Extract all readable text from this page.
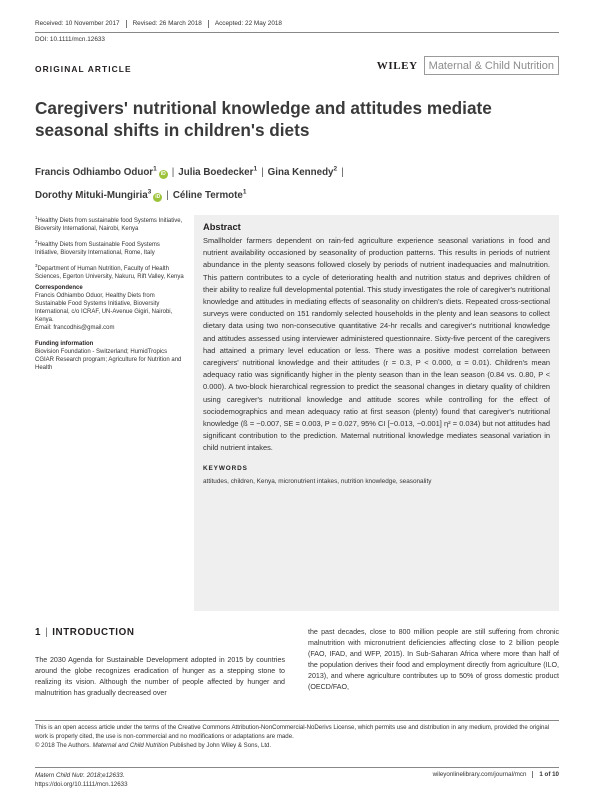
Received: 10 November 2017	Revised: 26 March 2018	Accepted: 22 May 2018
DOI: 10.1111/mcn.12633
ORIGINAL ARTICLE	WILEY	Maternal & Child Nutrition
Caregivers' nutritional knowledge and attitudes mediate seasonal shifts in children's diets
Francis Odhiambo Oduor$^1$iD | Julia Boedecker$^1$ | Gina Kennedy$^2$ |
Dorothy Mituki-Mungiria$^3$iD | Céline Termote$^1$
$^1$Healthy Diets from sustainable food Systems Initiative, Bioversity International, Nairobi, Kenya
$^2$Healthy Diets from Sustainable Food Systems Initiative, Bioversity International, Rome, Italy
$^3$Department of Human Nutrition, Faculty of Health Sciences, Egerton University, Nakuru, Rift Valley, Kenya
Correspondence
Francis Odhiambo Oduor, Healthy Diets from Sustainable Food Systems Initiative, Bioversity International, c/o ICRAF, UN-Avenue Gigiri, Nairobi, Kenya.
Email: francodhis@gmail.com
Funding information
Biovision Foundation - Switzerland; HumidTropics CGIAR Research program; Agriculture for Nutrition and Health
Abstract
Smallholder farmers dependent on rain-fed agriculture experience seasonal variations in food and nutrient availability occasioned by seasonality of production patterns. This results in periods of nutrient abundance in the plenty seasons followed closely by periods of nutrient inadequacies and malnutrition. This pattern contributes to a cycle of deteriorating health and nutrition status and deprives children of their ability to realize full developmental potential. This study investigates the role of caregiver's nutritional knowledge and attitudes in mediating effects of seasonality on children's diets. Repeated cross-sectional surveys were conducted on 151 randomly selected households in the plenty and lean seasons to collect dietary data using two non-consecutive quantitative 24-hr recalls and caregiver's nutritional knowledge and attitudes assessed using interviewer administered questionnaire. Sixty-five percent of the caregivers had attained a primary level education or less. There was a positive modest correlation between caregivers' nutritional knowledge and their attitudes (r = 0.3, P < 0.000, α = 0.01). Children's mean adequacy ratio was significantly higher in the plenty season than in the lean season (0.84 vs. 0.80, P < 0.000). A two-block hierarchical regression to predict the seasonal changes in dietary quality of children using caregiver's nutritional knowledge and attitude scores while controlling for the effect of sociodemographics and mean adequacy ratio at first season (plenty) found that caregiver's nutritional knowledge (ß = −0.007, SE = 0.003, P = 0.027, 95% CI [−0.013, −0.001] η² = 0.034) but not attitudes had significant contribution to the prediction. Maternal nutritional knowledge mediates seasonal variation in child nutrient intakes.
KEYWORDS
attitudes, children, Kenya, micronutrient intakes, nutrition knowledge, seasonality
1 | INTRODUCTION
The 2030 Agenda for Sustainable Development adopted in 2015 by countries around the globe recognizes eradication of hunger as a stepping stone to realizing its vision. Although the number of people affected by hunger and malnutrition has gradually decreased over
the past decades, close to 800 million people are still suffering from chronic malnutrition with micronutrient deficiencies affecting close to 2 billion people (FAO, IFAD, and WFP, 2015). In Sub-Saharan Africa where more than half of the population derives their food and employment directly from agriculture (ILO, 2013), and where agriculture contributes up to 50% of gross domestic product (OECD/FAO,
This is an open access article under the terms of the Creative Commons Attribution-NonCommercial-NoDerivs License, which permits use and distribution in any medium, provided the original work is properly cited, the use is non-commercial and no modifications or adaptations are made.
© 2018 The Authors. Maternal and Child Nutrition Published by John Wiley & Sons, Ltd.
Matern Child Nutr. 2018;e12633.
https://doi.org/10.1111/mcn.12633
wileyonlinelibrary.com/journal/mcn	1 of 10
